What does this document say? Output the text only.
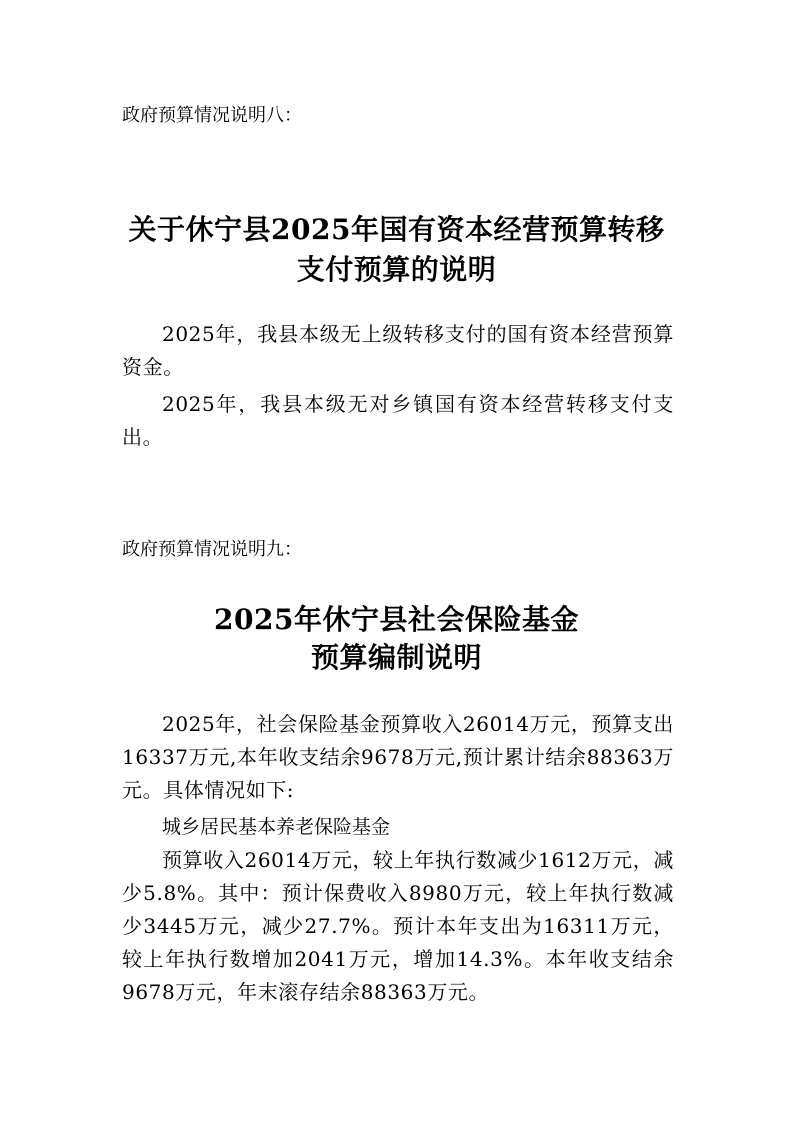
政府预算情况说明八：
关于休宁县2025年国有资本经营预算转移
支付预算的说明
2025年，我县本级无上级转移支付的国有资本经营预算资金。
2025年，我县本级无对乡镇国有资本经营转移支付支出。
政府预算情况说明九：
2025年休宁县社会保险基金
预算编制说明
2025年，社会保险基金预算收入26014万元，预算支出16337万元,本年收支结余9678万元,预计累计结余88363万元。具体情况如下:
城乡居民基本养老保险基金
预算收入26014万元，较上年执行数减少1612万元，减少5.8%。其中：预计保费收入8980万元，较上年执行数减少3445万元，减少27.7%。预计本年支出为16311万元，较上年执行数增加2041万元，增加14.3%。本年收支结余9678万元，年末滚存结余88363万元。
